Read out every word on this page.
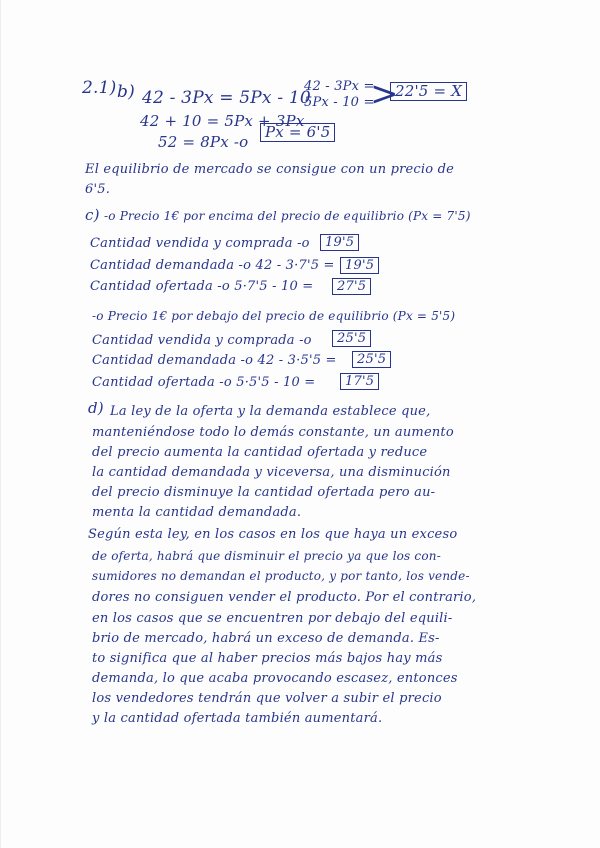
2.1) b) 42 - 3Px = 5Px - 10
42 - 3Px =
5Px - 10 =
>
22'5 = X
42 + 10 = 5Px + 3Px
52 = 8Px -o
Px = 6'5
El equilibrio de mercado se consigue con un precio de
6'5.
c) -o Precio 1€ por encima del precio de equilibrio (Px = 7'5)
Cantidad vendida y comprada -o	19'5
Cantidad demandada -o 42 - 3·7'5 = 19'5
Cantidad ofertada -o 5·7'5 - 10 =	27'5
-o Precio 1€ por debajo del precio de equilibrio (Px = 5'5)
Cantidad vendida y comprada -o	25'5
Cantidad demandada -o 42 - 3·5'5 =	25'5
Cantidad ofertada -o 5·5'5 - 10 =	17'5
d) La ley de la oferta y la demanda establece que,
manteniéndose todo lo demás constante, un aumento
del precio aumenta la cantidad ofertada y reduce
la cantidad demandada y viceversa, una disminución
del precio disminuye la cantidad ofertada pero au-
menta la cantidad demandada.
Según esta ley, en los casos en los que haya un exceso
de oferta, habrá que disminuir el precio ya que los con-
sumidores no demandan el producto, y por tanto, los vende-
dores no consiguen vender el producto. Por el contrario,
en los casos que se encuentren por debajo del equili-
brio de mercado, habrá un exceso de demanda. Es-
to significa que al haber precios más bajos hay más
demanda, lo que acaba provocando escasez, entonces
los vendedores tendrán que volver a subir el precio
y la cantidad ofertada también aumentará.
